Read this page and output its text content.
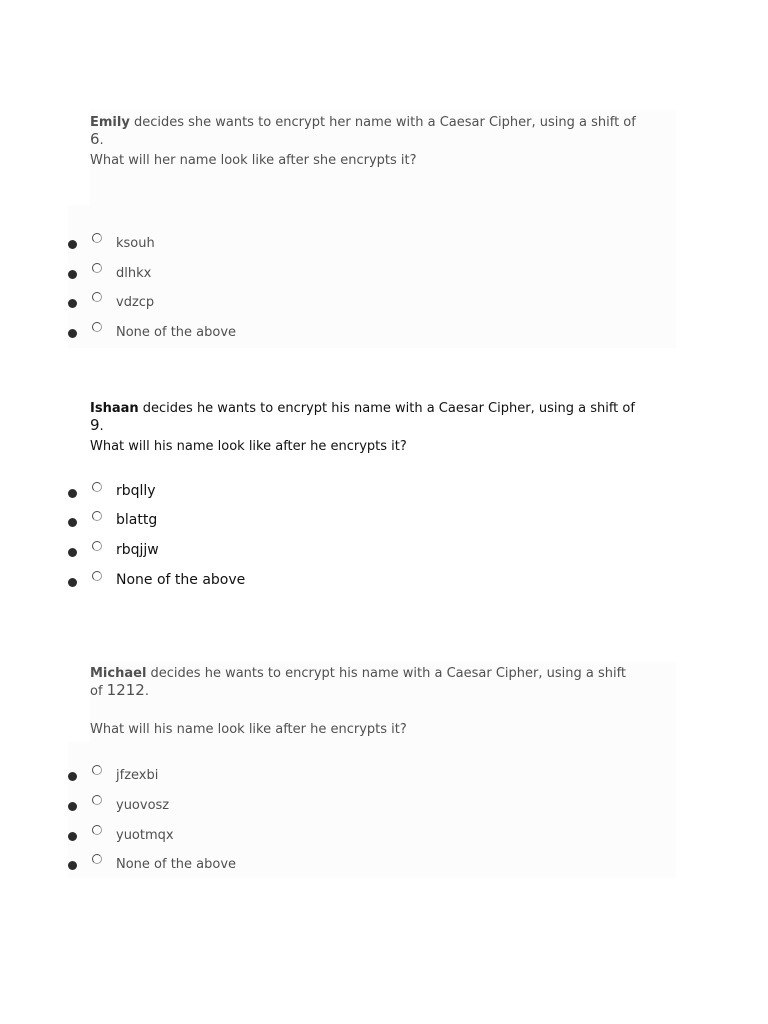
Emily decides she wants to encrypt her name with a Caesar Cipher, using a shift of 6.
What will her name look like after she encrypts it?
ksouh
dlhkx
vdzcp
None of the above
Ishaan decides he wants to encrypt his name with a Caesar Cipher, using a shift of 9.
What will his name look like after he encrypts it?
rbqlly
blattg
rbqjjw
None of the above
Michael decides he wants to encrypt his name with a Caesar Cipher, using a shift of 1212.
What will his name look like after he encrypts it?
jfzexbi
yuovosz
yuotmqx
None of the above
